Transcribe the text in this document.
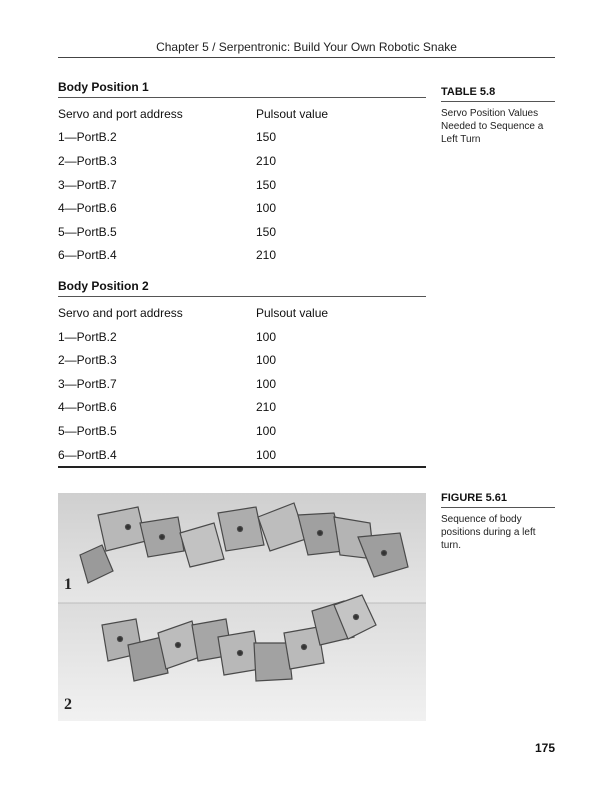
Chapter 5 / Serpentronic: Build Your Own Robotic Snake
Body Position 1
Servo and port address	Pulsout value
1—PortB.2	150
2—PortB.3	210
3—PortB.7	150
4—PortB.6	100
5—PortB.5	150
6—PortB.4	210
Body Position 2
Servo and port address	Pulsout value
1—PortB.2	100
2—PortB.3	100
3—PortB.7	100
4—PortB.6	210
5—PortB.5	100
6—PortB.4	100
TABLE 5.8
Servo Position Values Needed to Sequence a Left Turn
1
2
FIGURE 5.61
Sequence of body positions during a left turn.
175
